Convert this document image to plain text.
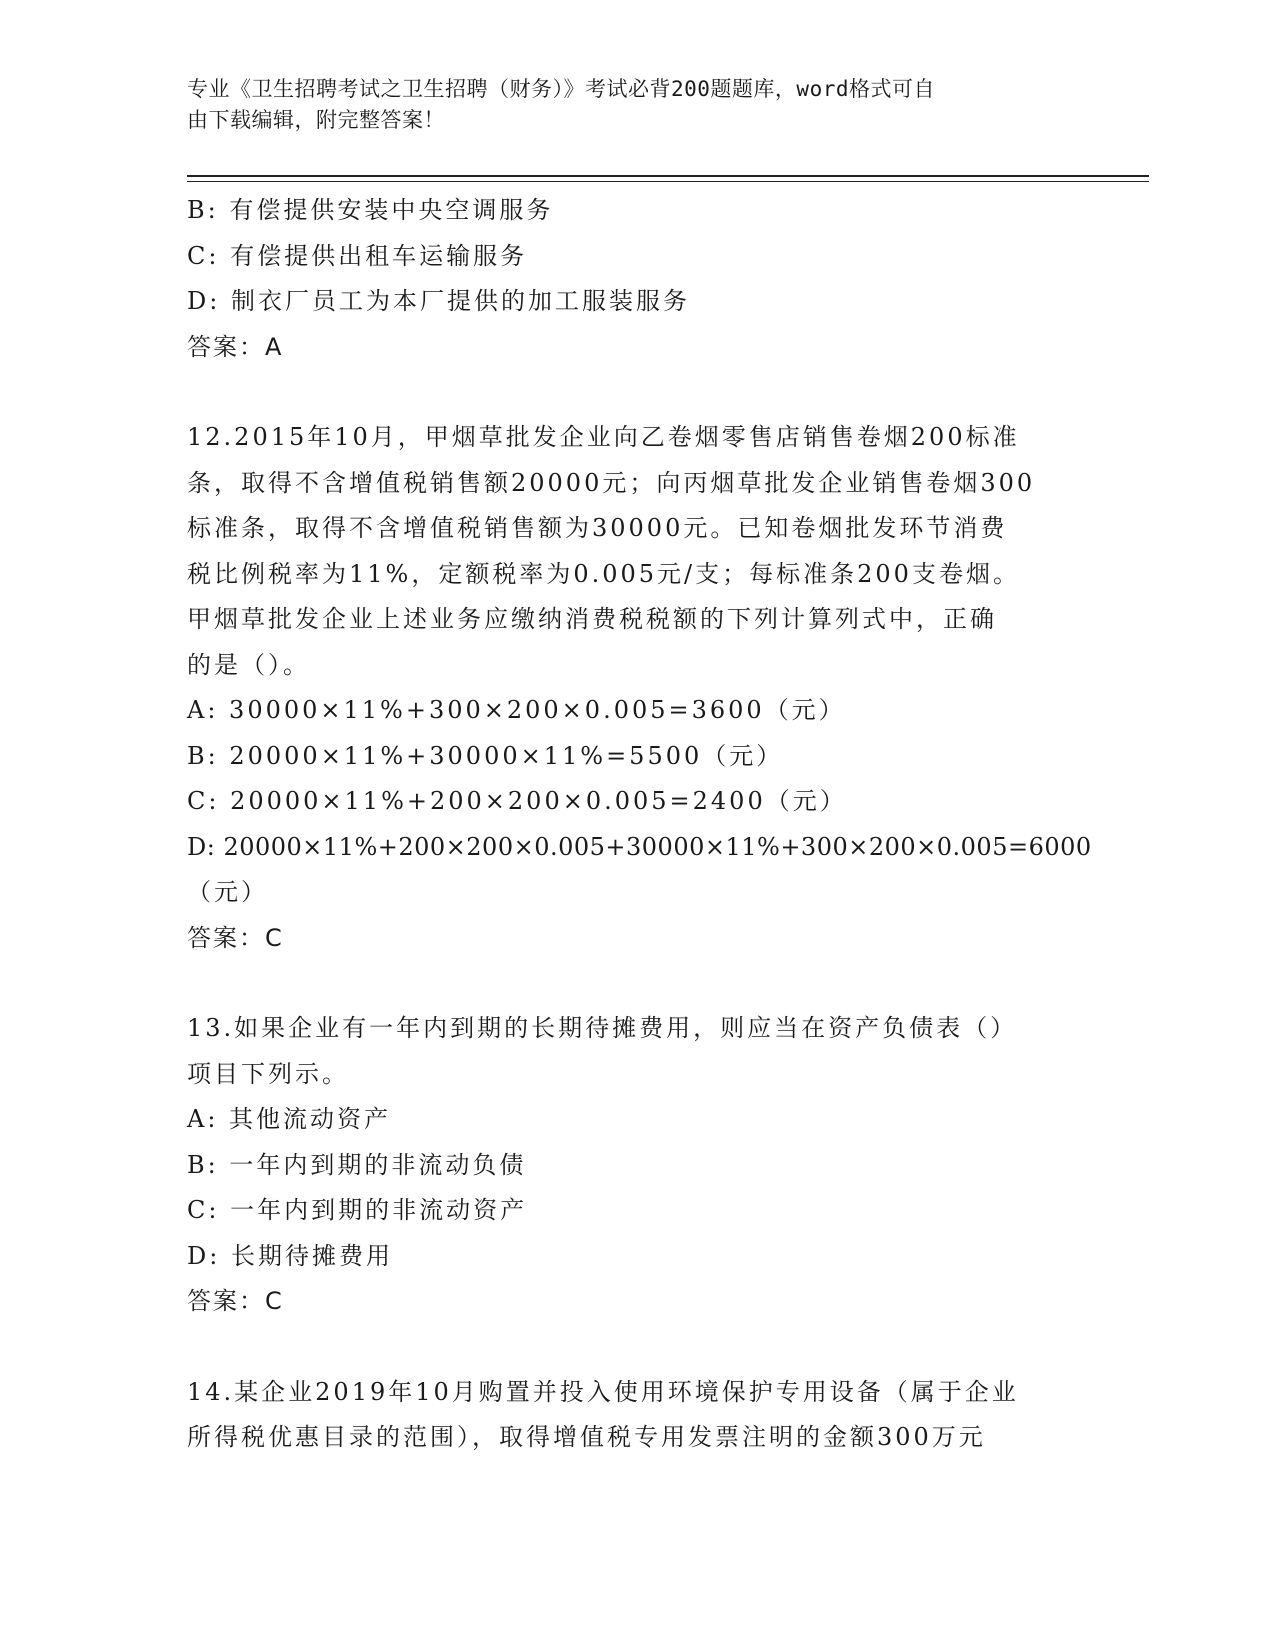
专业《卫生招聘考试之卫生招聘（财务）》考试必背200题题库，word格式可自
由下载编辑，附完整答案！
B: 有偿提供安装中央空调服务
C: 有偿提供出租车运输服务
D: 制衣厂员工为本厂提供的加工服装服务
答案：A
12.2015年10月，甲烟草批发企业向乙卷烟零售店销售卷烟200标准
条，取得不含增值税销售额20000元；向丙烟草批发企业销售卷烟300
标准条，取得不含增值税销售额为30000元。已知卷烟批发环节消费
税比例税率为11%，定额税率为0.005元/支；每标准条200支卷烟。
甲烟草批发企业上述业务应缴纳消费税税额的下列计算列式中，正确
的是（）。
A: 30000×11%+300×200×0.005=3600（元）
B: 20000×11%+30000×11%=5500（元）
C: 20000×11%+200×200×0.005=2400（元）
D: 20000×11%+200×200×0.005+30000×11%+300×200×0.005=6000
（元）
答案：C
13.如果企业有一年内到期的长期待摊费用，则应当在资产负债表（）
项目下列示。
A: 其他流动资产
B: 一年内到期的非流动负债
C: 一年内到期的非流动资产
D: 长期待摊费用
答案：C
14.某企业2019年10月购置并投入使用环境保护专用设备（属于企业
所得税优惠目录的范围），取得增值税专用发票注明的金额300万元
